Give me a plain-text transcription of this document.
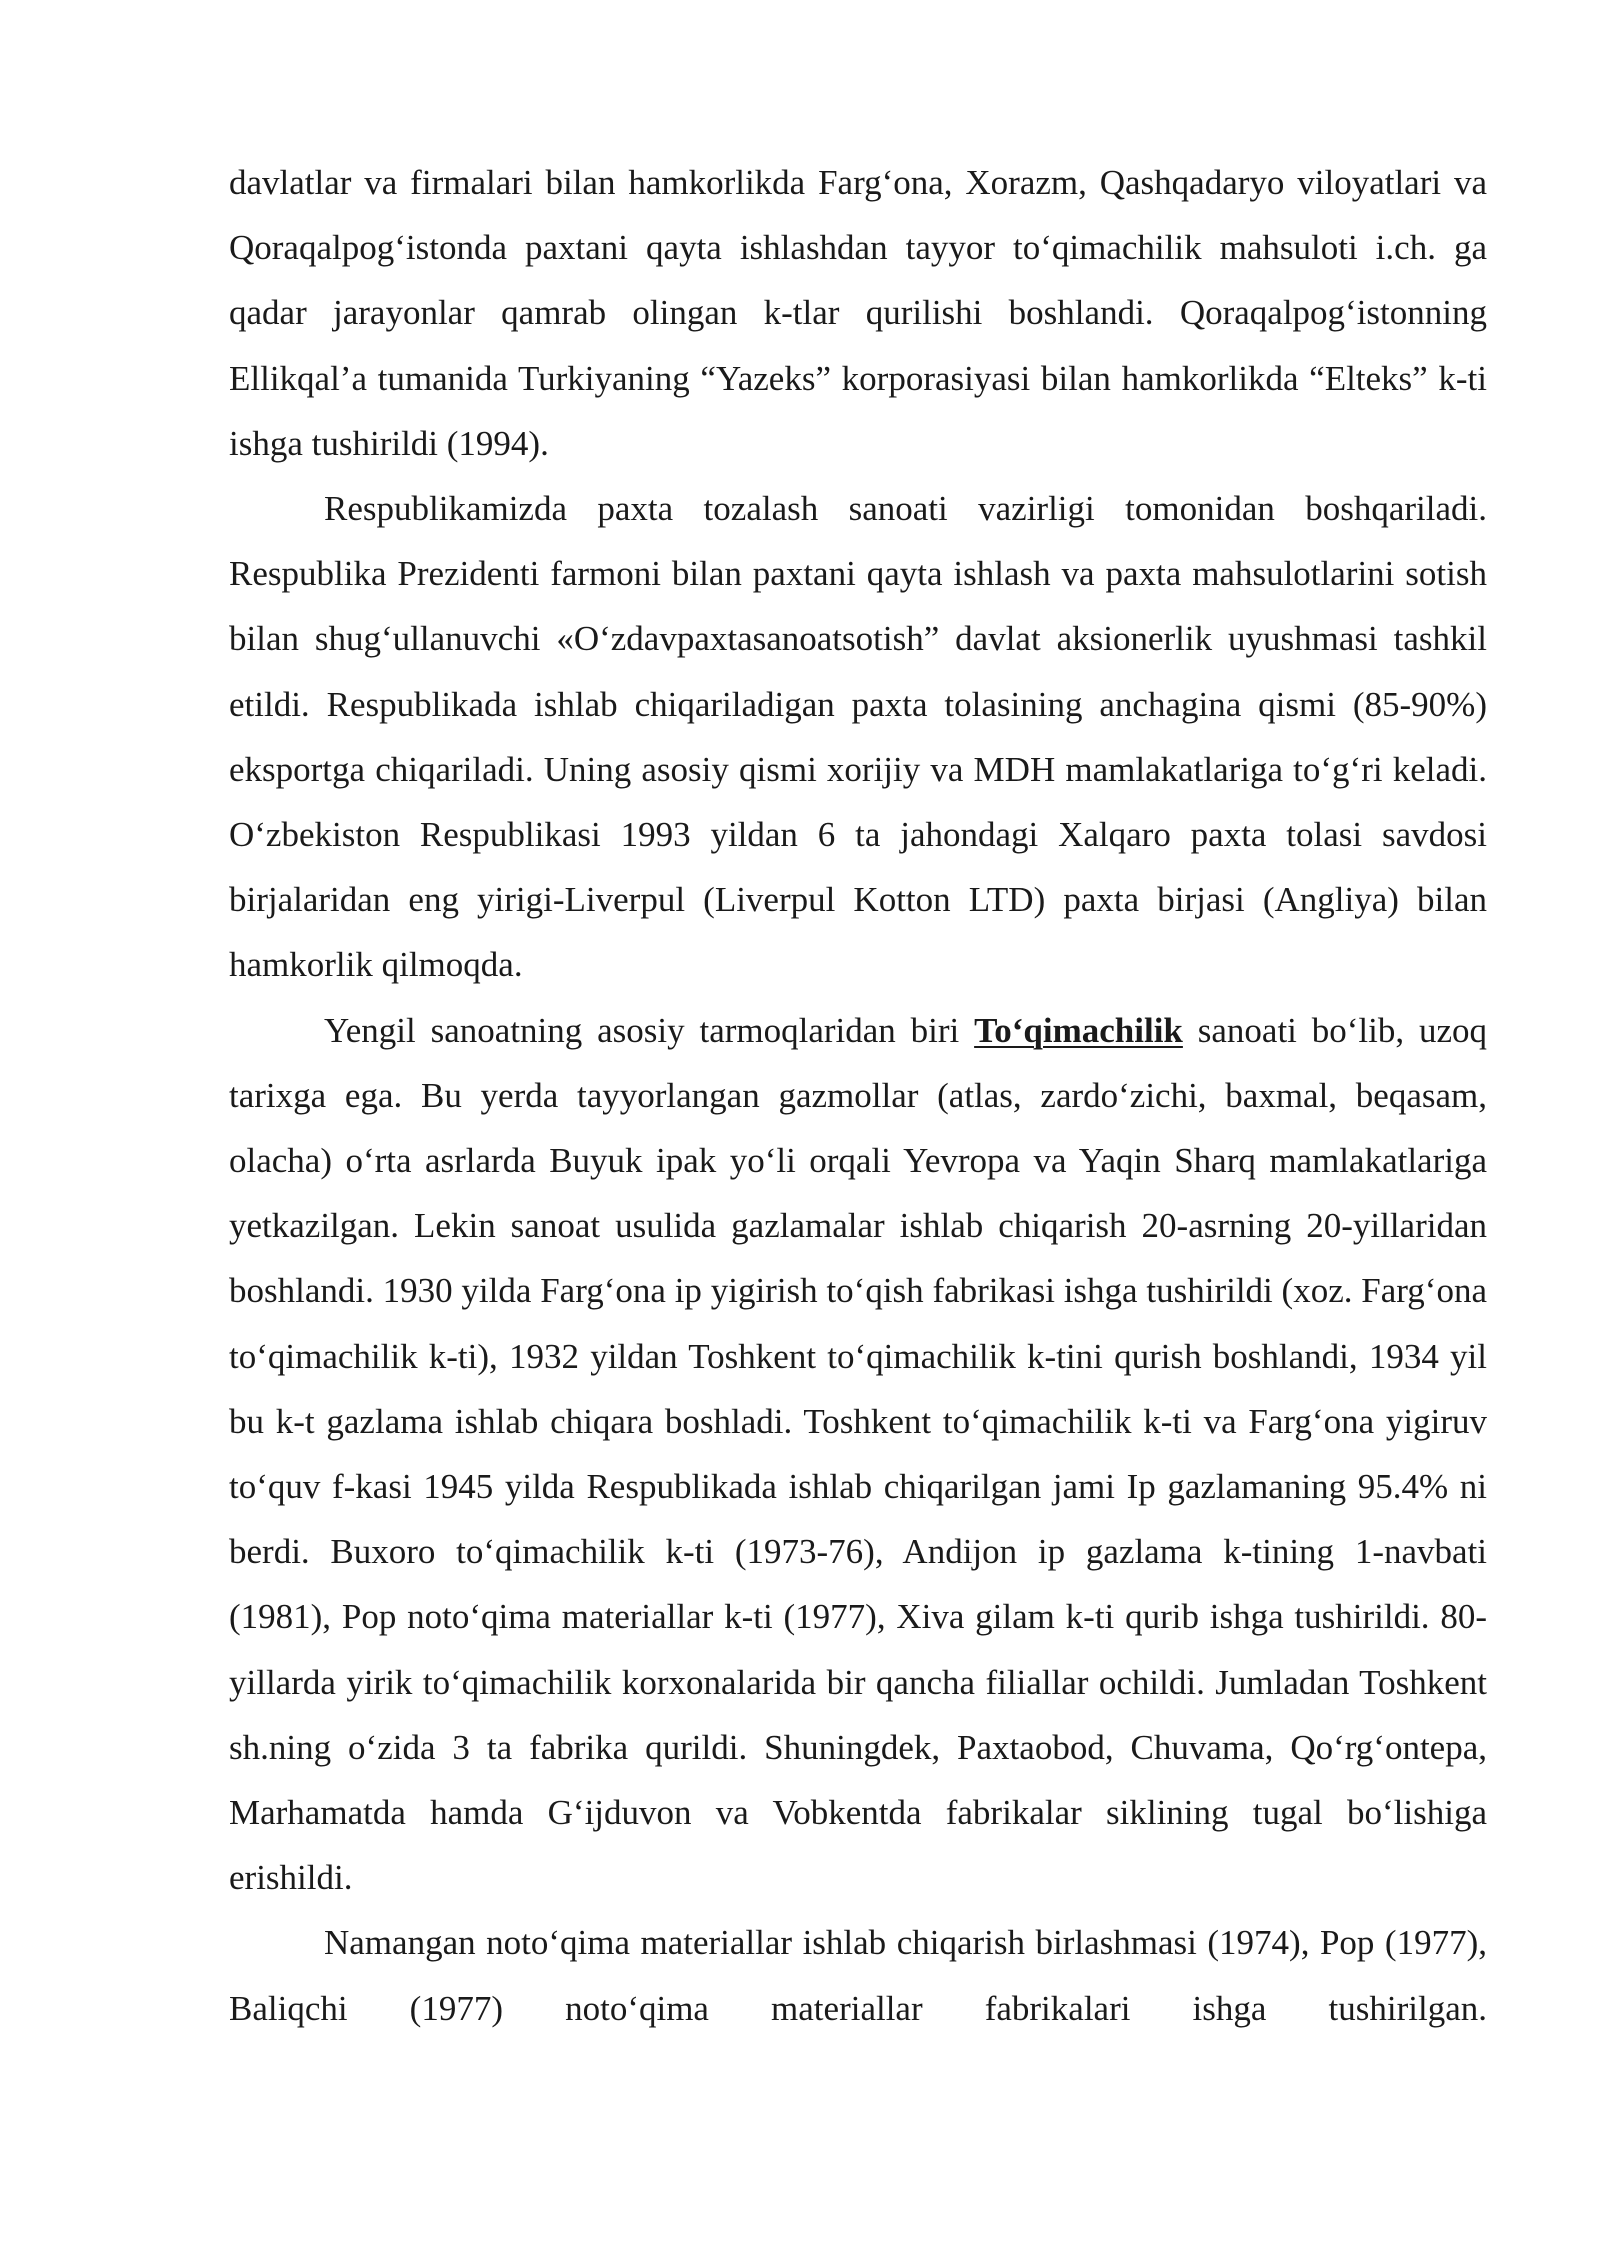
davlatlar va firmalari bilan hamkorlikda Farg‘ona, Xorazm, Qashqadaryo viloyatlari va Qoraqalpog‘istonda paxtani qayta ishlashdan tayyor to‘qimachilik mahsuloti i.ch. ga qadar jarayonlar qamrab olingan k-tlar qurilishi boshlandi. Qoraqalpog‘istonning Ellikqal’a tumanida Turkiyaning “Yazeks” korporasiyasi bilan hamkorlikda “Elteks” k-ti ishga tushirildi (1994).

Respublikamizda paxta tozalash sanoati vazirligi tomonidan boshqariladi. Respublika Prezidenti farmoni bilan paxtani qayta ishlash va paxta mahsulotlarini sotish bilan shug‘ullanuvchi «O‘zdavpaxtasanoatsotish” davlat aksionerlik uyushmasi tashkil etildi. Respublikada ishlab chiqariladigan paxta tolasining anchagina qismi (85-90%) eksportga chiqariladi. Uning asosiy qismi xorijiy va MDH mamlakatlariga to‘g‘ri keladi. O‘zbekiston Respublikasi 1993 yildan 6 ta jahondagi Xalqaro paxta tolasi savdosi birjalaridan eng yirigi-Liverpul (Liverpul Kotton LTD) paxta birjasi (Angliya) bilan hamkorlik qilmoqda.

Yengil sanoatning asosiy tarmoqlaridan biri To‘qimachilik sanoati bo‘lib, uzoq tarixga ega. Bu yerda tayyorlangan gazmollar (atlas, zardo‘zichi, baxmal, beqasam, olacha) o‘rta asrlarda Buyuk ipak yo‘li orqali Yevropa va Yaqin Sharq mamlakatlariga yetkazilgan. Lekin sanoat usulida gazlamalar ishlab chiqarish 20-asrning 20-yillaridan boshlandi. 1930 yilda Farg‘ona ip yigirish to‘qish fabrikasi ishga tushirildi (xoz. Farg‘ona to‘qimachilik k-ti), 1932 yildan Toshkent to‘qimachilik k-tini qurish boshlandi, 1934 yil bu k-t gazlama ishlab chiqara boshladi. Toshkent to‘qimachilik k-ti va Farg‘ona yigiruv to‘quv f-kasi 1945 yilda Respublikada ishlab chiqarilgan jami Ip gazlamaning 95.4% ni berdi. Buxoro to‘qimachilik k-ti (1973-76), Andijon ip gazlama k-tining 1-navbati (1981), Pop noto‘qima materiallar k-ti (1977), Xiva gilam k-ti qurib ishga tushirildi. 80-yillarda yirik to‘qimachilik korxonalarida bir qancha filiallar ochildi. Jumladan Toshkent sh.ning o‘zida 3 ta fabrika qurildi. Shuningdek, Paxtaobod, Chuvama, Qo‘rg‘ontepa, Marhamatda hamda G‘ijduvon va Vobkentda fabrikalar siklining tugal bo‘lishiga erishildi.

Namangan noto‘qima materiallar ishlab chiqarish birlashmasi (1974), Pop (1977), Baliqchi (1977) noto‘qima materiallar fabrikalari ishga tushirilgan.
